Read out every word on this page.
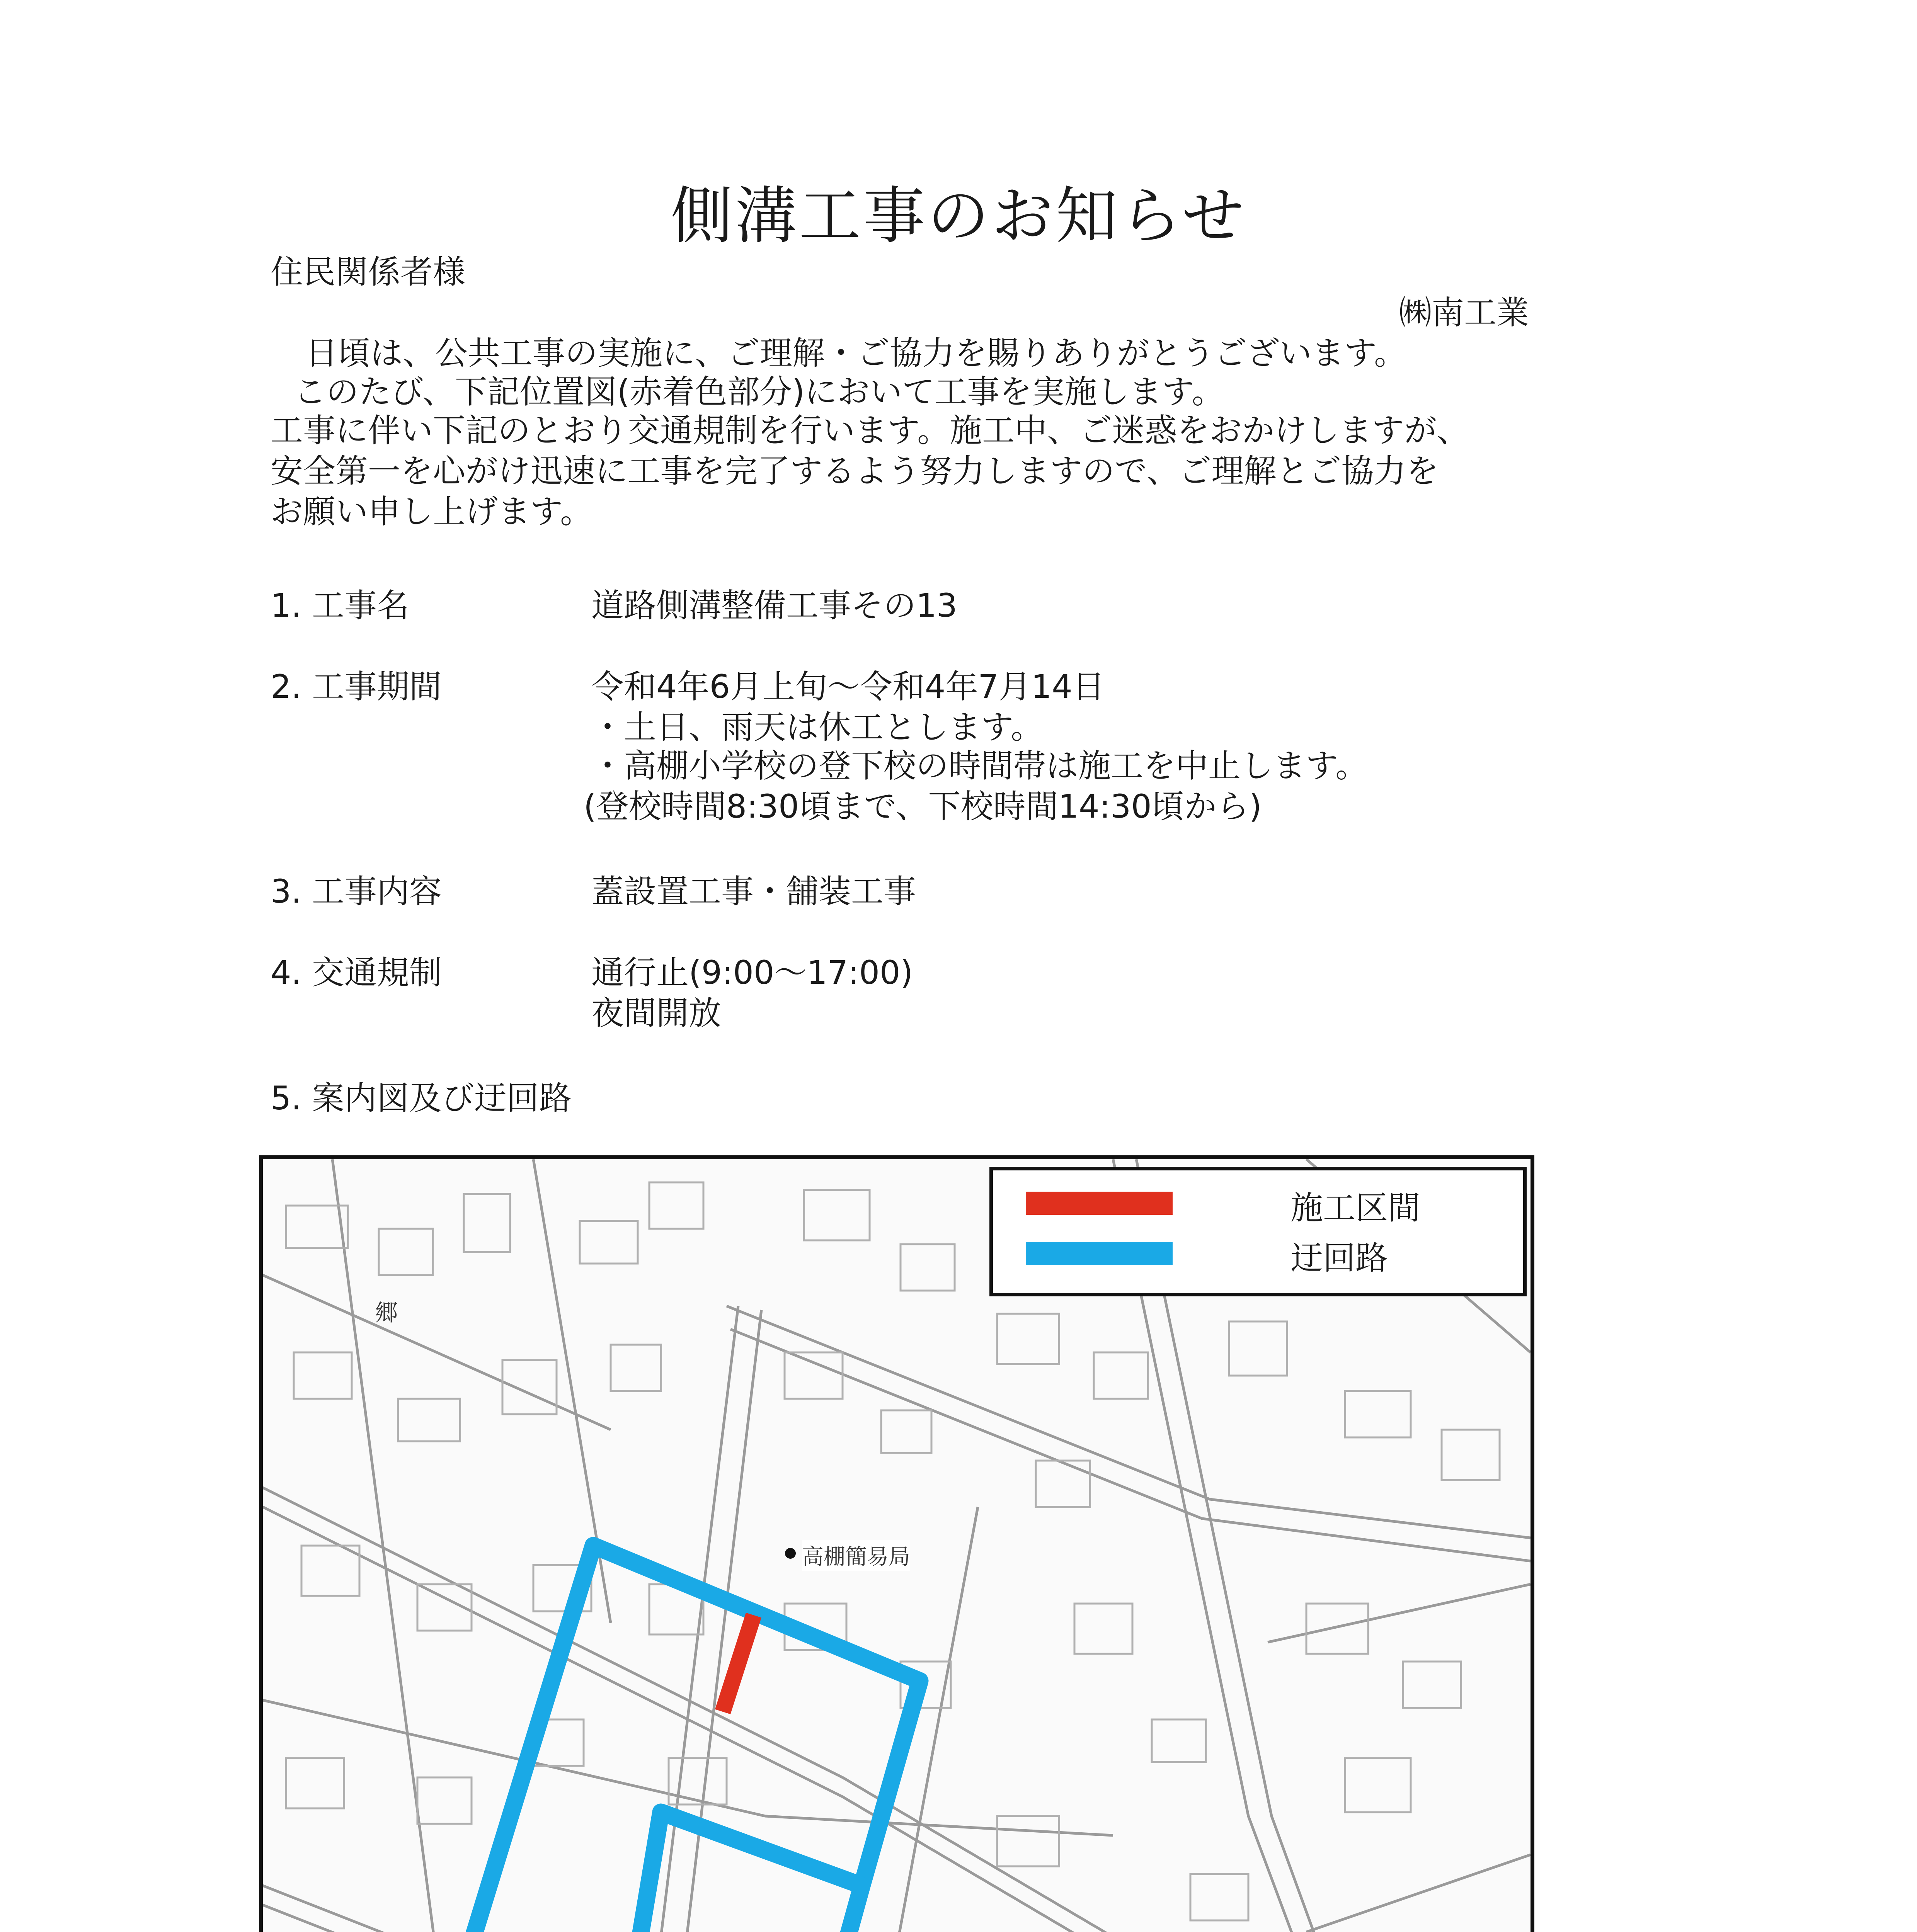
側溝工事のお知らせ
住民関係者様
㈱南工業
日頃は、公共工事の実施に、ご理解・ご協力を賜りありがとうございます。
このたび、下記位置図(赤着色部分)において工事を実施します。
工事に伴い下記のとおり交通規制を行います。施工中、ご迷惑をおかけしますが、
安全第一を心がけ迅速に工事を完了するよう努力しますので、ご理解とご協力を
お願い申し上げます。
1. 工事名	道路側溝整備工事その13
2. 工事期間	令和4年6月上旬～令和4年7月14日
・土日、雨天は休工とします。
・高棚小学校の登下校の時間帯は施工を中止します。
(登校時間8:30頃まで、下校時間14:30頃から)
3. 工事内容	蓋設置工事・舗装工事
4. 交通規制	通行止(9:00～17:00)
夜間開放
5. 案内図及び迂回路
高棚簡易局
郷
施工区間
迂回路
